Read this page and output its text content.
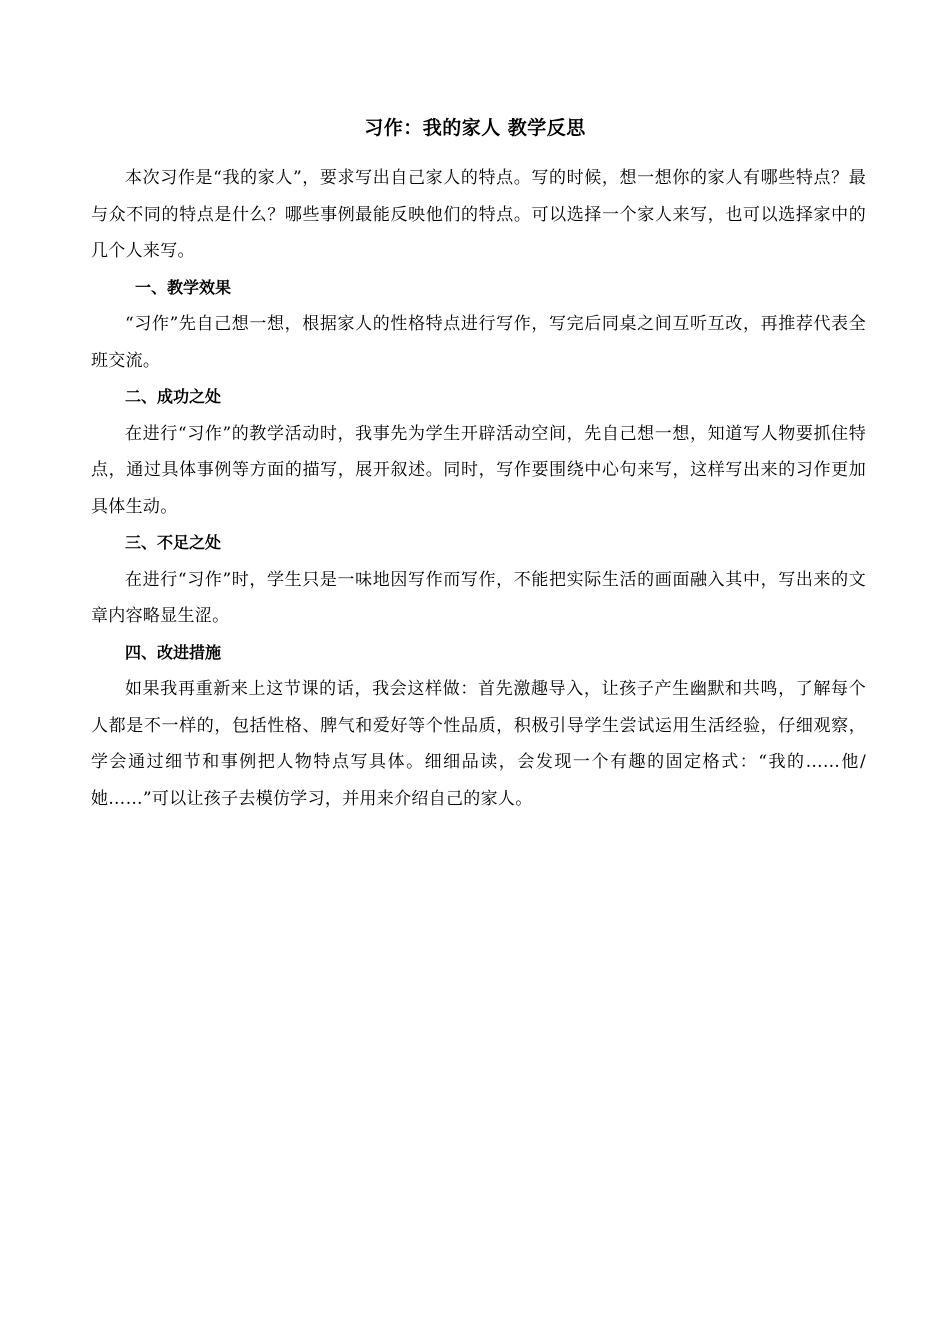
习作：我的家人 教学反思

本次习作是“我的家人”，要求写出自己家人的特点。写的时候，想一想你的家人有哪些特点？最与众不同的特点是什么？哪些事例最能反映他们的特点。可以选择一个家人来写，也可以选择家中的几个人来写。

一、教学效果

“习作”先自己想一想，根据家人的性格特点进行写作，写完后同桌之间互听互改，再推荐代表全班交流。

二、成功之处

在进行“习作”的教学活动时，我事先为学生开辟活动空间，先自己想一想，知道写人物要抓住特点，通过具体事例等方面的描写，展开叙述。同时，写作要围绕中心句来写，这样写出来的习作更加具体生动。

三、不足之处

在进行“习作”时，学生只是一味地因写作而写作，不能把实际生活的画面融入其中，写出来的文章内容略显生涩。

四、改进措施

如果我再重新来上这节课的话，我会这样做：首先激趣导入，让孩子产生幽默和共鸣，了解每个人都是不一样的，包括性格、脾气和爱好等个性品质，积极引导学生尝试运用生活经验，仔细观察，学会通过细节和事例把人物特点写具体。细细品读，会发现一个有趣的固定格式：“我的……他/她……”可以让孩子去模仿学习，并用来介绍自己的家人。
